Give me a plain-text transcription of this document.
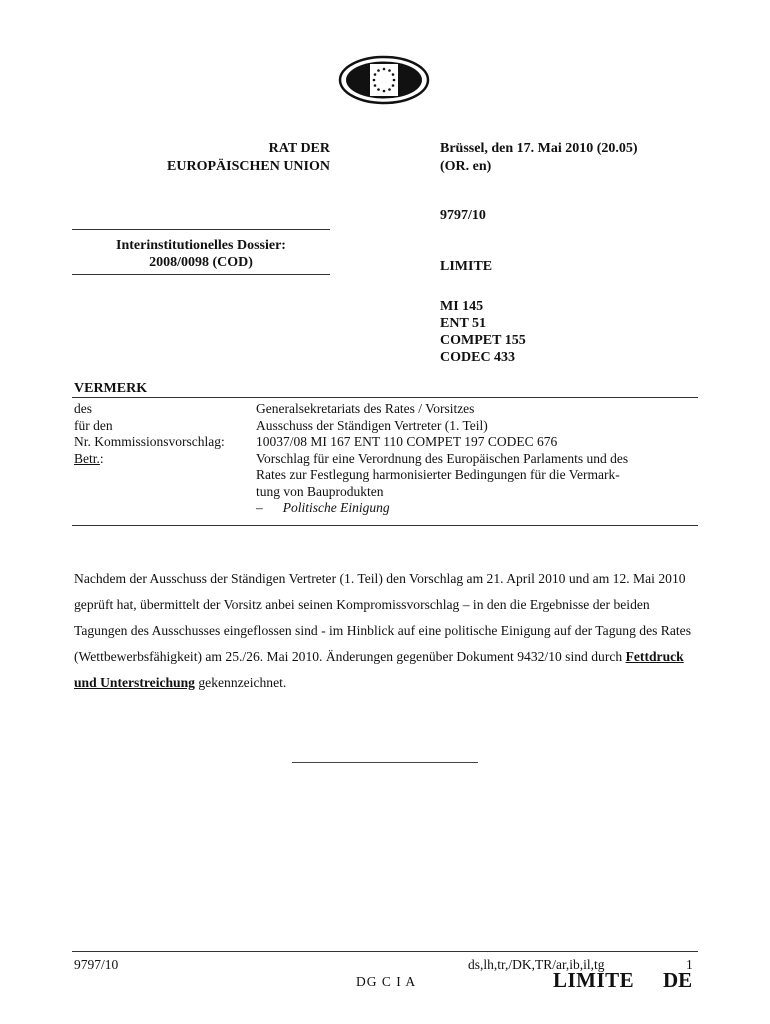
RAT DER
EUROPÄISCHEN UNION
Brüssel, den 17. Mai 2010 (20.05)
(OR. en)
9797/10
Interinstitutionelles Dossier:
2008/0098 (COD)	LIMITE
MI 145
ENT 51
COMPET 155
CODEC 433
VERMERK
des	Generalsekretariats des Rates / Vorsitzes
für den	Ausschuss der Ständigen Vertreter (1. Teil)
Nr. Kommissionsvorschlag:	10037/08 MI 167 ENT 110 COMPET 197 CODEC 676
Betr.:	Vorschlag für eine Verordnung des Europäischen Parlaments und des
Rates zur Festlegung harmonisierter Bedingungen für die Vermark-
tung von Bauprodukten
– Politische Einigung

Nachdem der Ausschuss der Ständigen Vertreter (1. Teil) den Vorschlag am 21. April 2010 und am 12. Mai 2010 geprüft hat, übermittelt der Vorsitz anbei seinen Kompromissvorschlag – in den die Ergebnisse der beiden Tagungen des Ausschusses eingeflossen sind - im Hinblick auf eine politische Einigung auf der Tagung des Rates (Wettbewerbsfähigkeit) am 25./26. Mai 2010. Änderungen gegenüber Dokument 9432/10 sind durch Fettdruck und Unterstreichung gekennzeichnet.

9797/10	ds,lh,tr,/DK,TR/ar,ib,il,tg	1
DG C I A	LIMITE DE
